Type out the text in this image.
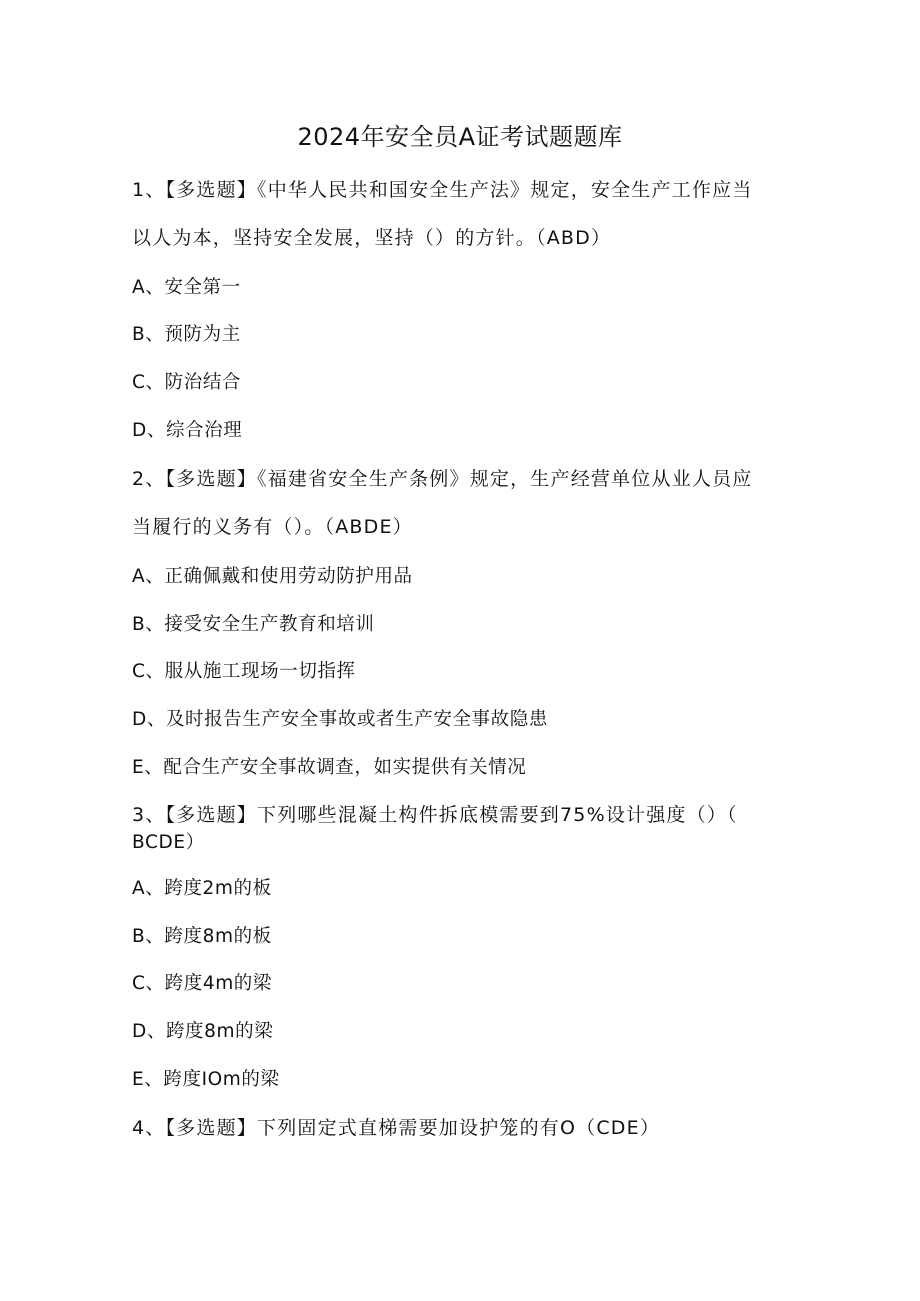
2024年安全员A证考试题题库
1、【多选题】《中华人民共和国安全生产法》规定，安全生产工作应当
以人为本，坚持安全发展，坚持（）的方针。（ABD）
A、安全第一
B、预防为主
C、防治结合
D、综合治理
2、【多选题】《福建省安全生产条例》规定，生产经营单位从业人员应
当履行的义务有（）。（ABDE）
A、正确佩戴和使用劳动防护用品
B、接受安全生产教育和培训
C、服从施工现场一切指挥
D、及时报告生产安全事故或者生产安全事故隐患
E、配合生产安全事故调查，如实提供有关情况
3、【多选题】下列哪些混凝土构件拆底模需要到75%设计强度（）（
BCDE）
A、跨度2m的板
B、跨度8m的板
C、跨度4m的梁
D、跨度8m的梁
E、跨度IOm的梁
4、【多选题】下列固定式直梯需要加设护笼的有O（CDE）
